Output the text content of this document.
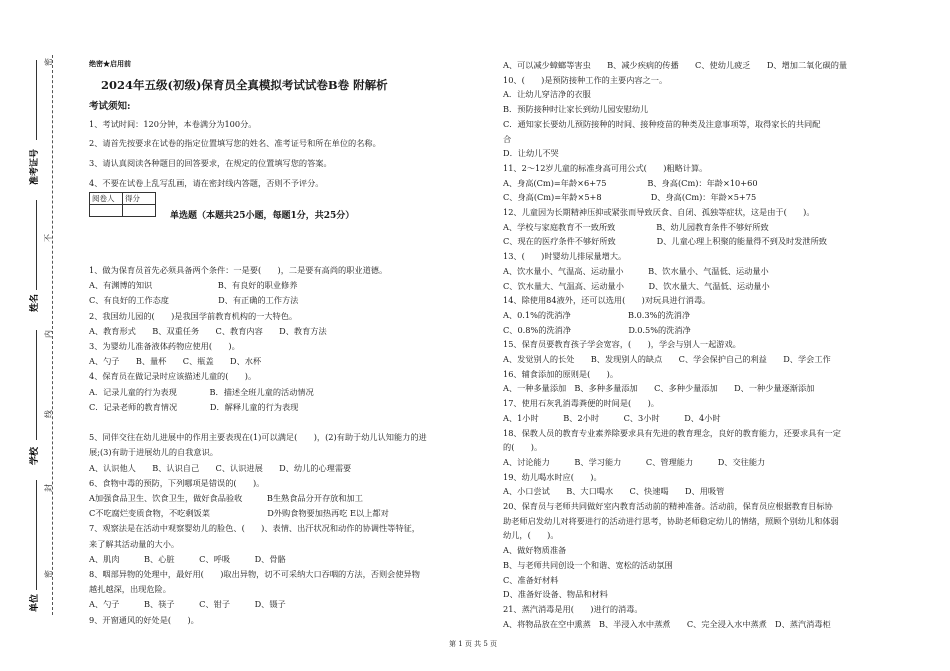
准考证号
姓名
学校
单位
密
不
内
线
封
密
绝密★启用前
2024年五级(初级)保育员全真模拟考试试卷B卷 附解析
考试须知:
1、考试时间：120分钟，本卷满分为100分。
2、请首先按要求在试卷的指定位置填写您的姓名、准考证号和所在单位的名称。
3、请认真阅读各种题目的回答要求，在规定的位置填写您的答案。
4、不要在试卷上乱写乱画，请在密封线内答题，否则不予评分。
阅卷人	得分

单选题（本题共25小题，每题1分，共25分）
1、做为保育员首先必须具备两个条件：一是要(　　)，二是要有高尚的职业道德。
A、有渊博的知识　　　　　　　　B、有良好的职业修养
C、有良好的工作态度　　　　　　D、有正确的工作方法
2、我国幼儿园的(　　)是我国学前教育机构的一大特色。
A、教育形式　　B、双重任务　　C、教育内容　　D、教育方法
3、为婴幼儿准备液体药物应使用(　　)。
A、勺子　　B、量杯　　C、瓶盖　　D、水杯
4、保育员在做记录时应该描述儿童的(　　)。
A．记录儿童的行为表现　　　　B．描述全班儿童的活动情况
C．记录老师的教育情况　　　　D．解释儿童的行为表现
5、同伴交往在幼儿进展中的作用主要表现在(1)可以满足(　　)，(2)有助于幼儿认知能力的进
展;(3)有助于进展幼儿的自我意识。
A、认识他人　　B、认识自己　　C、认识进展　　D、幼儿的心理需要
6、食物中毒的预防，下列哪项是错误的(　　)。
A加强食品卫生、饮食卫生，做好食品验收　　　B生熟食品分开存放和加工
C不吃腐烂变质食物，不吃剩饭菜　　　　　　　D外购食物要加热再吃 E以上都对
7、观察法是在活动中观察婴幼儿的脸色、(　　)、表情、出汗状况和动作的协调性等特征，
来了解其活动量的大小。
A、肌肉　　　B、心脏　　　C、呼吸　　　D、骨骼
8、咽部异物的处理中，最好用(　　)取出异物，切不可采纳大口吞咽的方法，否则会使异物
越扎越深，出现危险。
A、勺子　　　B、筷子　　　C、钳子　　　D、镊子
9、开窗通风的好处是(　　)。
A、可以减少蟑螂等害虫　　B、减少疾病的传播　　C、使幼儿疲乏　　D、增加二氧化碳的量
10、(　　)是预防接种工作的主要内容之一。
A．让幼儿穿洁净的衣服
B．预防接种时让家长到幼儿园安慰幼儿
C．通知家长要幼儿预防接种的时间、接种疫苗的种类及注意事项等，取得家长的共同配
合
D．让幼儿不哭
11、2～12岁儿童的标准身高可用公式(　　)粗略计算。
A、身高(Cm)=年龄×6+75　　　　　B、身高(Cm)：年龄×10+60
C、身高(Cm)=年龄×5+8　　　　　　D、身高(Cm)：年龄×5+75
12、儿童因为长期精神压抑或紧张而导致厌食、自闭、孤独等症状，这是由于(　　)。
A、学校与家庭教育不一致所致　　　　　B、幼儿园教育条件不够好所致
C、现在的医疗条件不够好所致　　　　　D、儿童心理上积聚的能量得不到及时发泄所致
13、(　　)时婴幼儿排尿量增大。
A、饮水量小、气温高、运动量小　　　B、饮水量小、气温低、运动量小
C、饮水量大、气温高、运动量小　　　D、饮水量大、气温低、运动量小
14、除使用84液外，还可以选用(　　)对玩具进行消毒。
A、0.1%的洗消净　　　　　　　B.0.3%的洗消净
C、0.8%的洗消净　　　　　　　D.0.5%的洗消净
15、保育员要教育孩子学会宽容，(　　)，学会与别人一起游戏。
A、发觉别人的长处　　B、发现别人的缺点　　C、学会保护自己的利益　　D、学会工作
16、辅食添加的原则是(　　)。
A、一种多量添加　B、多种多量添加　　C、多种少量添加　　D、一种少量逐渐添加
17、使用石灰乳消毒粪便的时间是(　　)。
A、1小时　　　B、2小时　　　C、3小时　　　D、4小时
18、保教人员的教育专业素养除要求具有先进的教育理念，良好的教育能力，还要求具有一定
的(　　)。
A、讨论能力　　　B、学习能力　　　C、管理能力　　　D、交往能力
19、幼儿喝水时应(　　)。
A、小口尝试　　B、大口喝水　　C、快速喝　　D、用吸管
20、保育员与老师共同做好室内教育活动前的精神准备。活动前，保育员应根据教育目标协
助老师启发幼儿对将要进行的活动进行思考，协助老师稳定幼儿的情绪，照顾个别幼儿和体弱
幼儿，(　　)。
A、做好物质准备
B、与老师共同创设一个和谐、宽松的活动氛围
C、准备好材料
D、准备好设备、物品和材料
21、蒸汽消毒是用(　　)进行的消毒。
A、将物品放在空中熏蒸　B、半浸入水中蒸煮　　C、完全浸入水中蒸煮　D、蒸汽消毒柜
第 1 页 共 5 页
